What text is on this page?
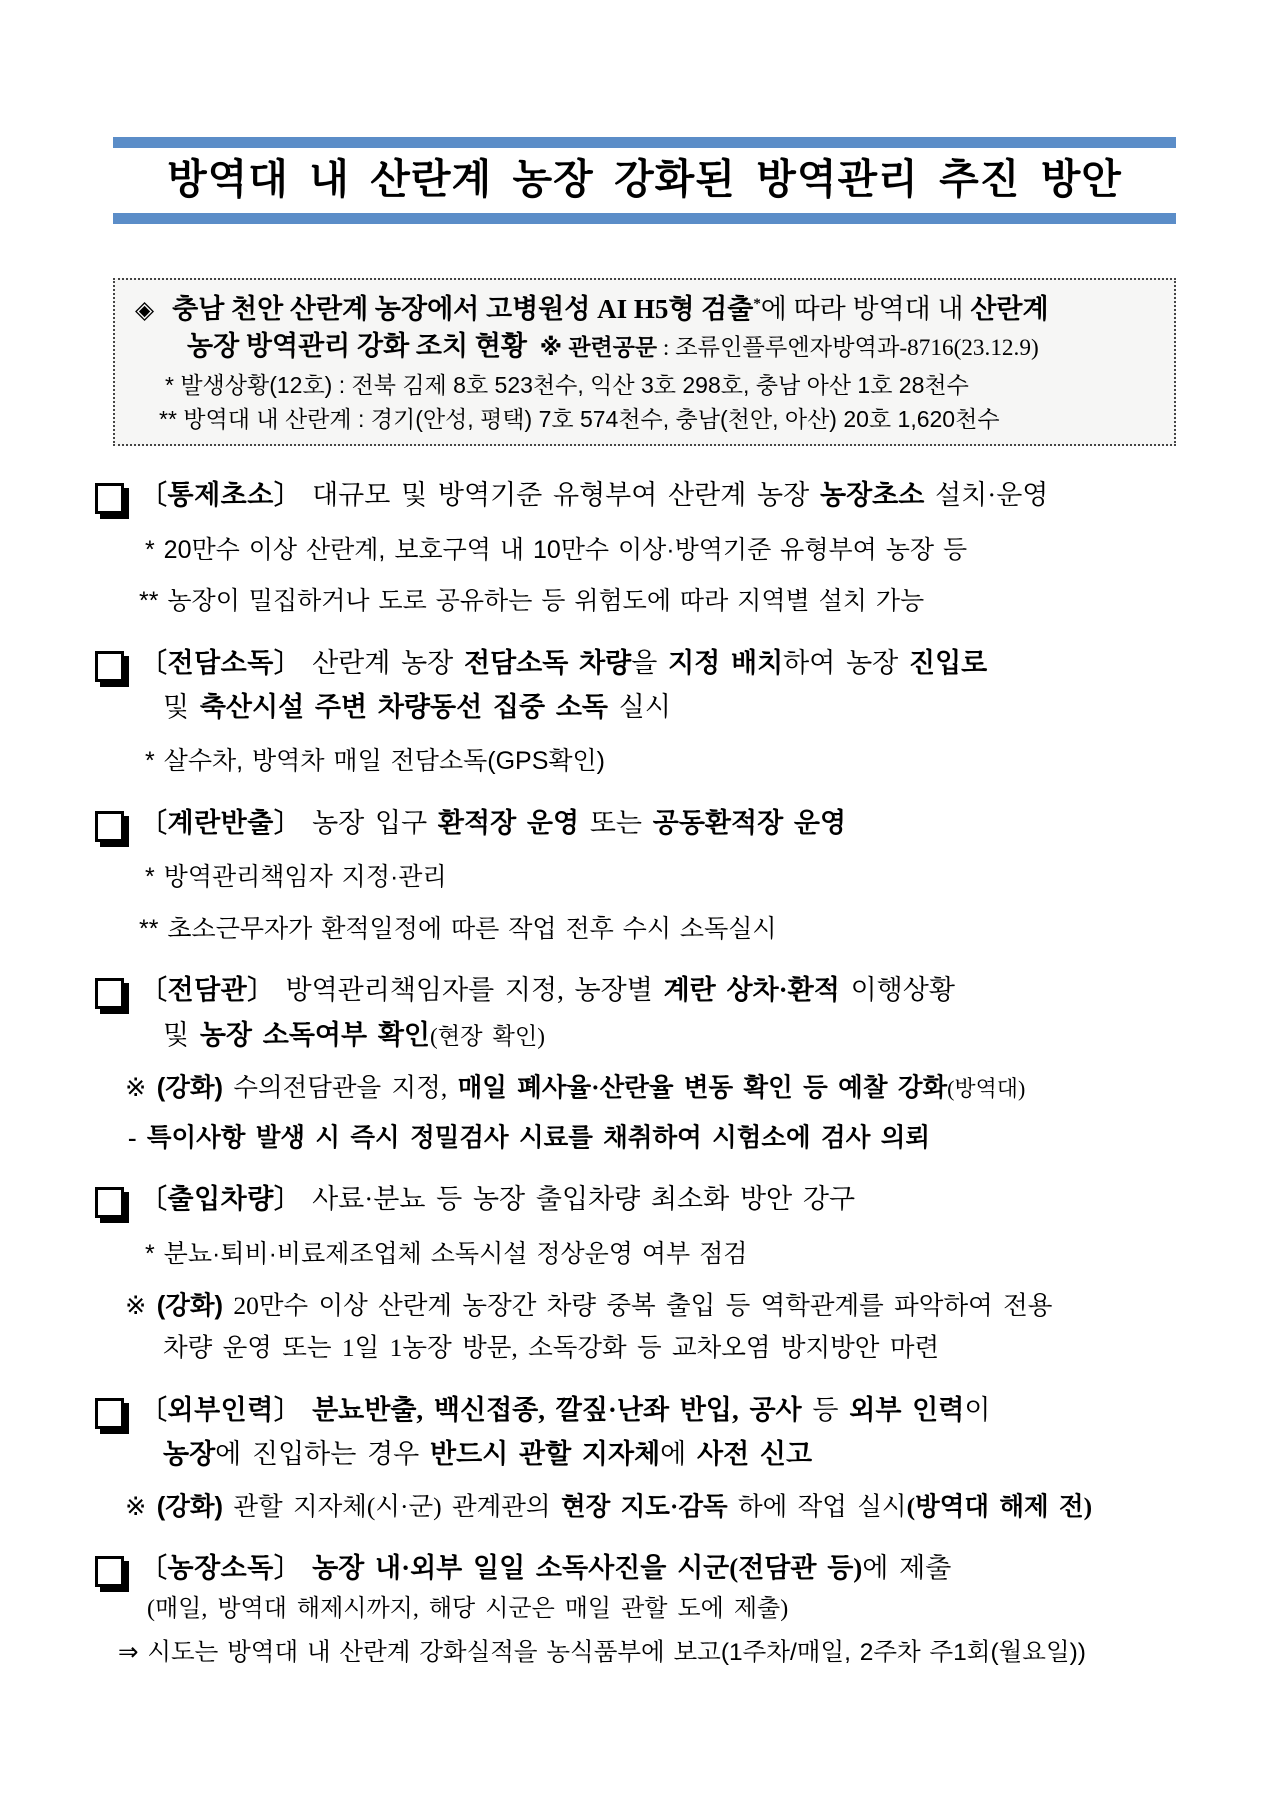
방역대 내 산란계 농장 강화된 방역관리 추진 방안
◈ 충남 천안 산란계 농장에서 고병원성 AI H5형 검출*에 따라 방역대 내 산란계
농장 방역관리 강화 조치 현황  ※ 관련공문 : 조류인플루엔자방역과-8716(23.12.9)
* 발생상황(12호) : 전북 김제 8호 523천수, 익산 3호 298호, 충남 아산 1호 28천수
** 방역대 내 산란계 : 경기(안성, 평택) 7호 574천수, 충남(천안, 아산) 20호 1,620천수
〔통제초소〕 대규모 및 방역기준 유형부여 산란계 농장 농장초소 설치·운영
* 20만수 이상 산란계, 보호구역 내 10만수 이상·방역기준 유형부여 농장 등
** 농장이 밀집하거나 도로 공유하는 등 위험도에 따라 지역별 설치 가능
〔전담소독〕 산란계 농장 전담소독 차량을 지정 배치하여 농장 진입로
및 축산시설 주변 차량동선 집중 소독 실시
* 살수차, 방역차 매일 전담소독(GPS확인)
〔계란반출〕 농장 입구 환적장 운영 또는 공동환적장 운영
* 방역관리책임자 지정·관리
** 초소근무자가 환적일정에 따른 작업 전후 수시 소독실시
〔전담관〕 방역관리책임자를 지정, 농장별 계란 상차·환적 이행상황
및 농장 소독여부 확인(현장 확인)
※ (강화) 수의전담관을 지정, 매일 폐사율·산란율 변동 확인 등 예찰 강화(방역대)
- 특이사항 발생 시 즉시 정밀검사 시료를 채취하여 시험소에 검사 의뢰
〔출입차량〕 사료·분뇨 등 농장 출입차량 최소화 방안 강구
* 분뇨·퇴비·비료제조업체 소독시설 정상운영 여부 점검
※ (강화) 20만수 이상 산란계 농장간 차량 중복 출입 등 역학관계를 파악하여 전용
차량 운영 또는 1일 1농장 방문, 소독강화 등 교차오염 방지방안 마련
〔외부인력〕 분뇨반출, 백신접종, 깔짚·난좌 반입, 공사 등 외부 인력이
농장에 진입하는 경우 반드시 관할 지자체에 사전 신고
※ (강화) 관할 지자체(시·군) 관계관의 현장 지도·감독 하에 작업 실시(방역대 해제 전)
〔농장소독〕 농장 내·외부 일일 소독사진을 시군(전담관 등)에 제출
(매일, 방역대 해제시까지, 해당 시군은 매일 관할 도에 제출)
⇒ 시도는 방역대 내 산란계 강화실적을 농식품부에 보고(1주차/매일, 2주차 주1회(월요일))
